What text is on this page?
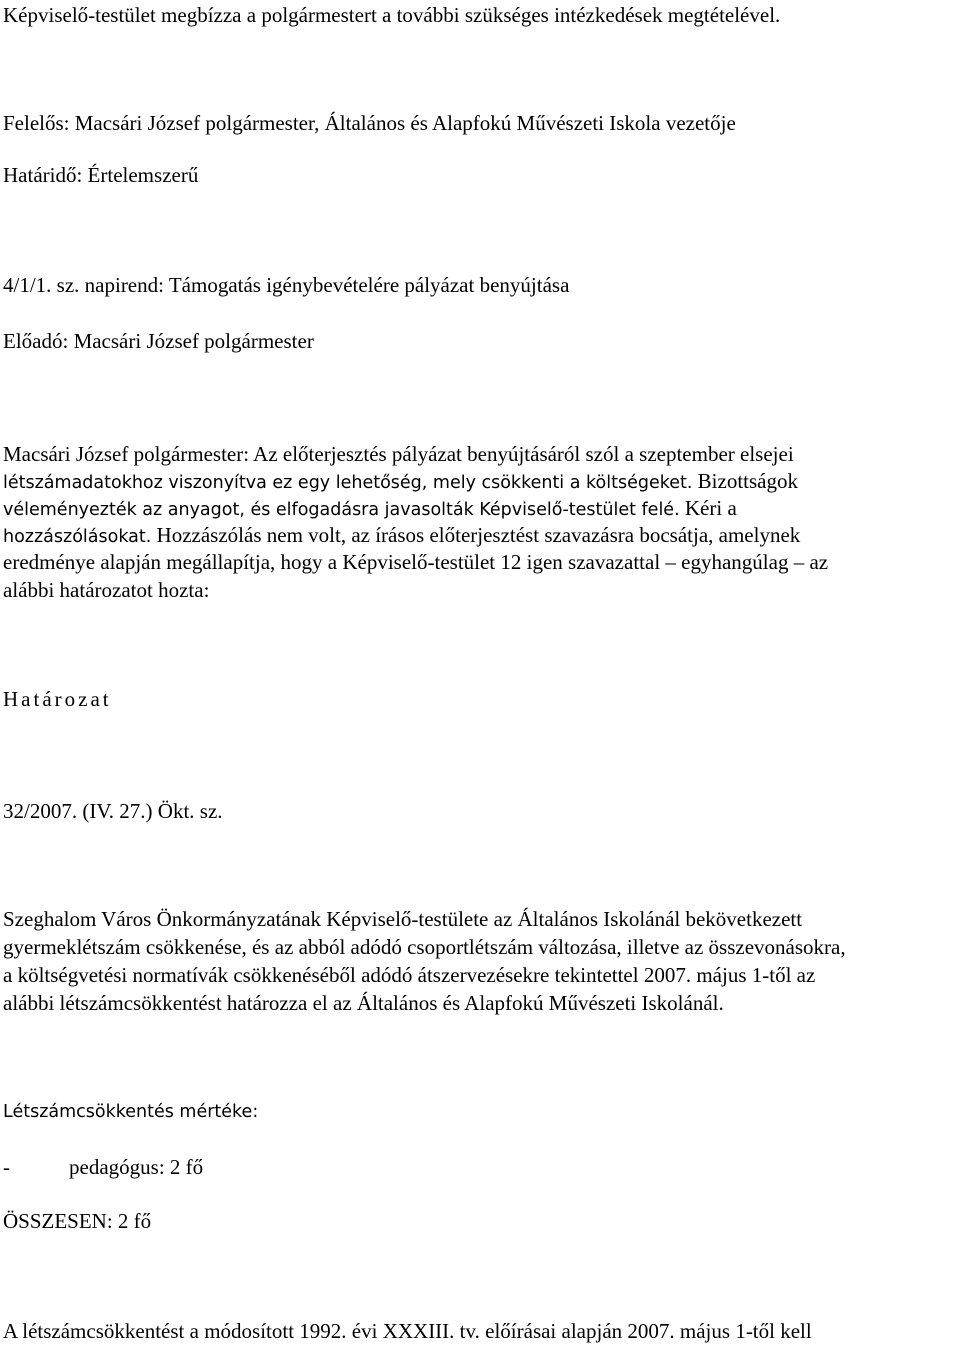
Képviselő-testület megbízza a polgármestert a további szükséges intézkedések megtételével.

Felelős: Macsári József polgármester, Általános és Alapfokú Művészeti Iskola vezetője

Határidő: Értelemszerű

4/1/1. sz. napirend: Támogatás igénybevételére pályázat benyújtása

Előadó: Macsári József polgármester

Macsári József polgármester: Az előterjesztés pályázat benyújtásáról szól a szeptember elsejei

létszámadatokhoz viszonyítva ez egy lehetőség, mely csökkenti a költségeket. Bizottságok

véleményezték az anyagot, és elfogadásra javasolták Képviselő-testület felé. Kéri a

hozzászólásokat. Hozzászólás nem volt, az írásos előterjesztést szavazásra bocsátja, amelynek

eredménye alapján megállapítja, hogy a Képviselő-testület 12 igen szavazattal – egyhangúlag – az

alábbi határozatot hozta:

Határozat

32/2007. (IV. 27.) Ökt. sz.

Szeghalom Város Önkormányzatának Képviselő-testülete az Általános Iskolánál bekövetkezett

gyermeklétszám csökkenése, és az abból adódó csoportlétszám változása, illetve az összevonásokra,

a költségvetési normatívák csökkenéséből adódó átszervezésekre tekintettel 2007. május 1-től az

alábbi létszámcsökkentést határozza el az Általános és Alapfokú Művészeti Iskolánál.

Létszámcsökkentés mértéke:

-	pedagógus: 2 fő

ÖSSZESEN: 2 fő

A létszámcsökkentést a módosított 1992. évi XXXIII. tv. előírásai alapján 2007. május 1-től kell
